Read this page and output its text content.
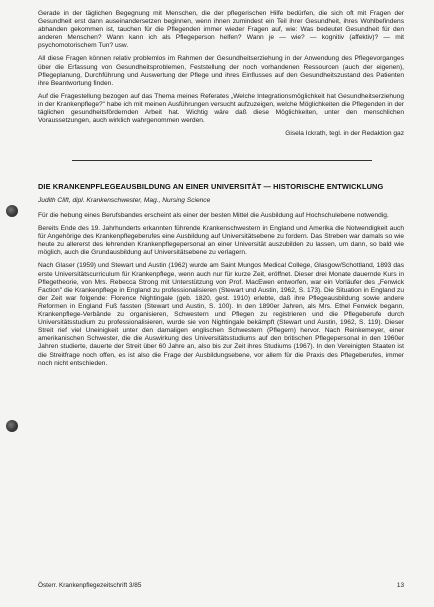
Gerade in der täglichen Begegnung mit Menschen, die der pflegerischen Hilfe bedürfen, die sich oft mit Fragen der Gesundheit erst dann auseinandersetzen beginnen, wenn ihnen zumindest ein Teil ihrer Gesundheit, ihres Wohlbefindens abhanden gekommen ist, tauchen für die Pflegenden immer wieder Fragen auf, wie: Was bedeutet Gesundheit für den anderen Menschen? Wann kann ich als Pflegeperson helfen? Wann je — wie? — kognitiv (affektiv)? — mit psychomotorischem Tun? usw.

All diese Fragen können relativ problemlos im Rahmen der Gesundheitserziehung in der Anwendung des Pflegevorganges über die Erfassung von Gesundheitsproblemen, Feststellung der noch vorhandenen Ressourcen (auch der eigenen), Pflegeplanung, Durchführung und Auswertung der Pflege und ihres Einflusses auf den Gesundheitszustand des Patienten ihre Beantwortung finden.

Auf die Fragestellung bezogen auf das Thema meines Referates „Welche Integrationsmöglichkeit hat Gesundheitserziehung in der Krankenpflege?" habe ich mit meinen Ausführungen versucht aufzuzeigen, welche Möglichkeiten die Pflegenden in der täglichen gesundheitsfördernden Arbeit hat. Wichtig wäre daß diese Möglichkeiten, unter den menschlichen Voraussetzungen, auch wirklich wahrgenommen werden.

Gisela Ickrath, tegl. in der Redaktion gaz
DIE KRANKENPFLEGEAUSBILDUNG AN EINER UNIVERSITÄT — HISTORISCHE ENTWICKLUNG
Judith Clift, dipl. Krankenschwester, Mag., Nursing Science

Für die hebung eines Berufsbandes erscheint als einer der besten Mittel die Ausbildung auf Hochschulebene notwendig.

Bereits Ende des 19. Jahrhunderts erkannten führende Krankenschwestern in England und Amerika die Notwendigkeit auch für Angehörige des Krankenpflegeberufes eine Ausbildung auf Universitätsebene zu fordern. Das Streben war damals so wie heute zu allererst des lehrenden Krankenpflegepersonal an einer Universität auszubilden zu lassen, um dann, so bald wie möglich, auch die Grundausbildung auf Universitätsebene zu verlagern.

Nach Glaser (1959) und Stewart und Austin (1962) wurde am Saint Mungos Medical College, Glasgow/Schottland, 1893 das erste Universitätscurriculum für Krankenpflege, wenn auch nur für kurze Zeit, eröffnet. Dieser drei Monate dauernde Kurs in Pflegetheorie, von Mrs. Rebecca Strong mit Unterstützung von Prof. MacEwen entworfen, war ein Vorläufer des „Fenwick Faction" die Krankenpflege in England zu professionalisieren (Stewart und Austin, 1962, S. 173). Die Situation in England zu der Zeit war folgende: Florence Nightingale (geb. 1820, gest. 1910) erlebte, daß ihre Pflegeausbildung sowie andere Reformen in England Fuß fassten (Stewart und Austin, S. 100). In den 1890er Jahren, als Mrs. Ethel Fenwick begann, Krankenpflege-Verbände zu organisieren, Schwestern und Pflegen zu registrieren und die Pflegeberufe durch Universitätsstudium zu professionalisieren, wurde sie von Nightingale bekämpft (Stewart und Austin, 1962, S. 119). Dieser Streit rief viel Uneinigkeit unter den damaligen englischen Schwestern (Pflegern) hervor. Nach Reinkemeyer, einer amerikanischen Schwester, die die Auswirkung des Universitätsstudiums auf den britischen Pflegepersonal in den 1960er Jahren studierte, dauerte der Streit über 60 Jahre an, also bis zur Zeit ihres Studiums (1967). In den Vereinigten Staaten ist die Streitfrage noch offen, es ist also die Frage der Ausbildungsebene, vor allem für die Praxis des Pflegeberufes, immer noch nicht entschieden.

Österr. Krankenpflegezeitschrift 3/85	13
